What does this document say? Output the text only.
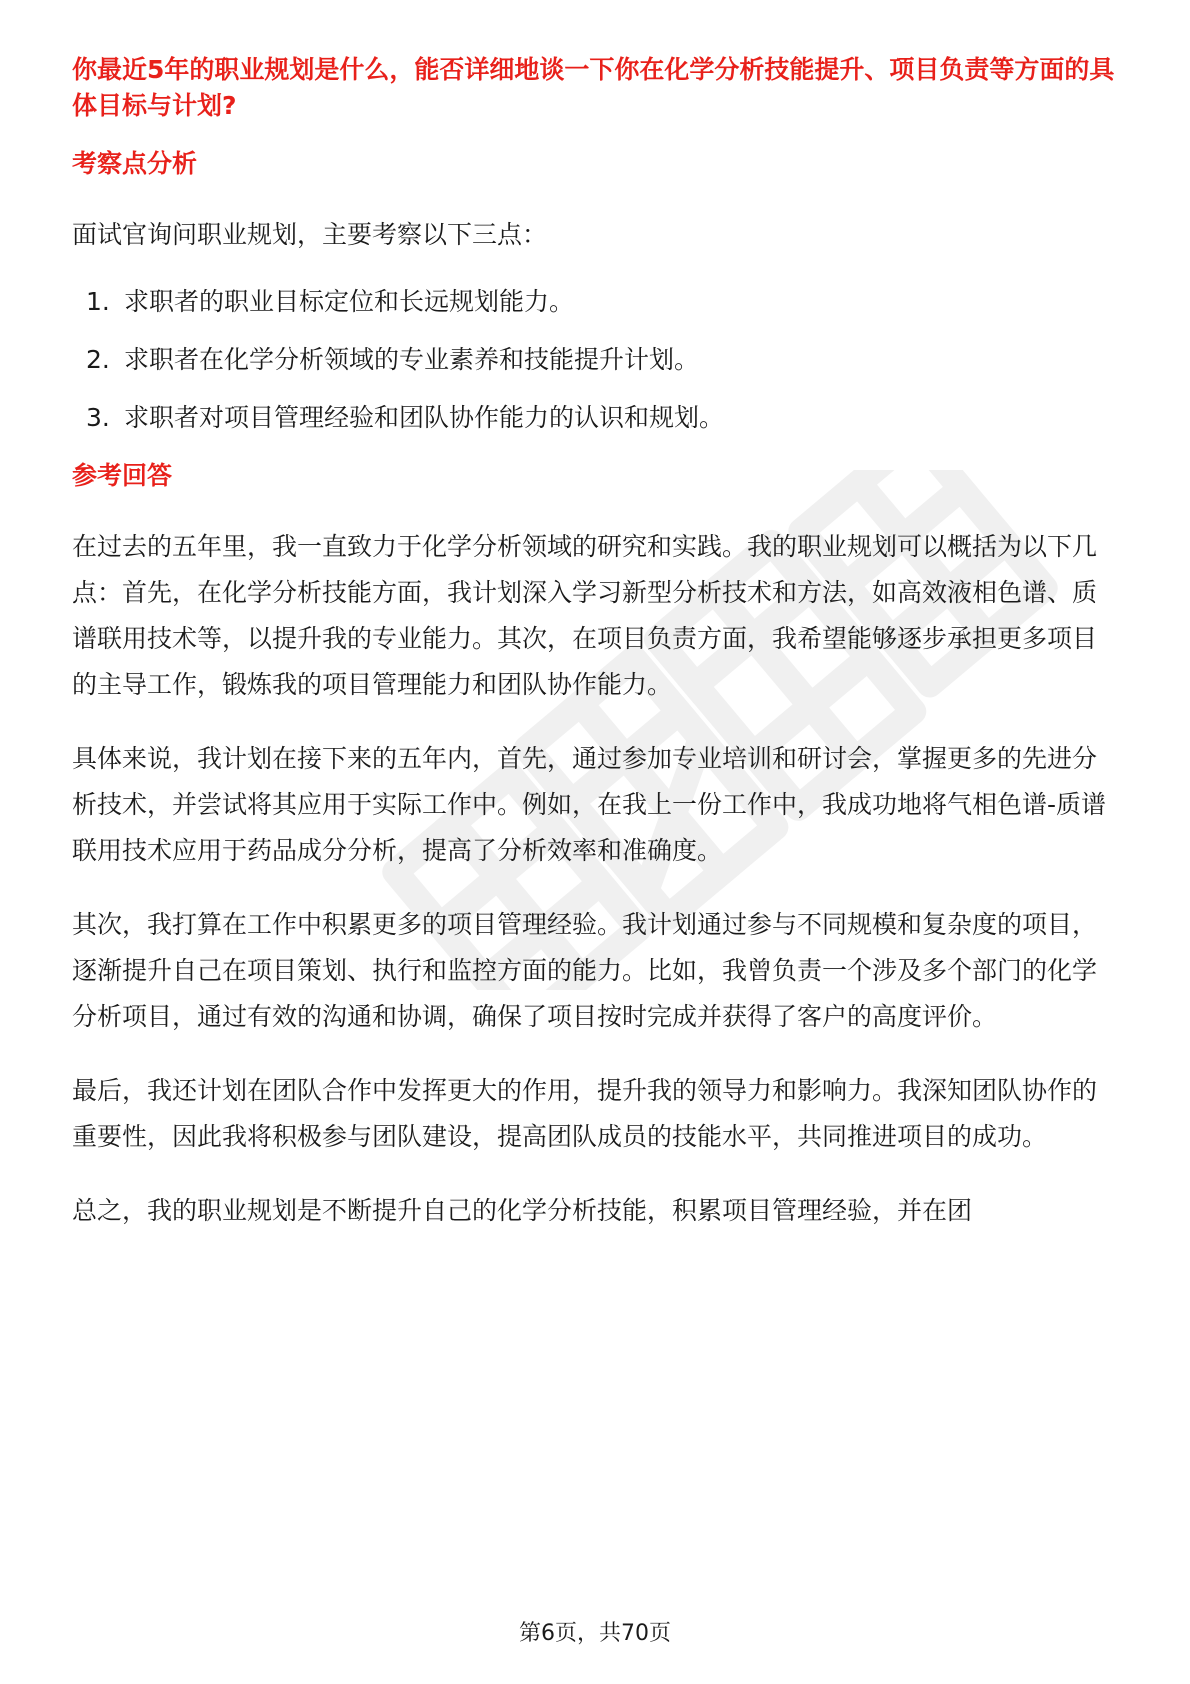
你最近5年的职业规划是什么，能否详细地谈一下你在化学分析技能提升、项目负责等方面的具体目标与计划?

考察点分析

面试官询问职业规划，主要考察以下三点：

1. 求职者的职业目标定位和长远规划能力。
2. 求职者在化学分析领域的专业素养和技能提升计划。
3. 求职者对项目管理经验和团队协作能力的认识和规划。

参考回答

在过去的五年里，我一直致力于化学分析领域的研究和实践。我的职业规划可以概括为以下几点：首先，在化学分析技能方面，我计划深入学习新型分析技术和方法，如高效液相色谱、质谱联用技术等，以提升我的专业能力。其次，在项目负责方面，我希望能够逐步承担更多项目的主导工作，锻炼我的项目管理能力和团队协作能力。

具体来说，我计划在接下来的五年内，首先，通过参加专业培训和研讨会，掌握更多的先进分析技术，并尝试将其应用于实际工作中。例如，在我上一份工作中，我成功地将气相色谱-质谱联用技术应用于药品成分分析，提高了分析效率和准确度。

其次，我打算在工作中积累更多的项目管理经验。我计划通过参与不同规模和复杂度的项目，逐渐提升自己在项目策划、执行和监控方面的能力。比如，我曾负责一个涉及多个部门的化学分析项目，通过有效的沟通和协调，确保了项目按时完成并获得了客户的高度评价。

最后，我还计划在团队合作中发挥更大的作用，提升我的领导力和影响力。我深知团队协作的重要性，因此我将积极参与团队建设，提高团队成员的技能水平，共同推进项目的成功。

总之，我的职业规划是不断提升自己的化学分析技能，积累项目管理经验，并在团

第6页，共70页
